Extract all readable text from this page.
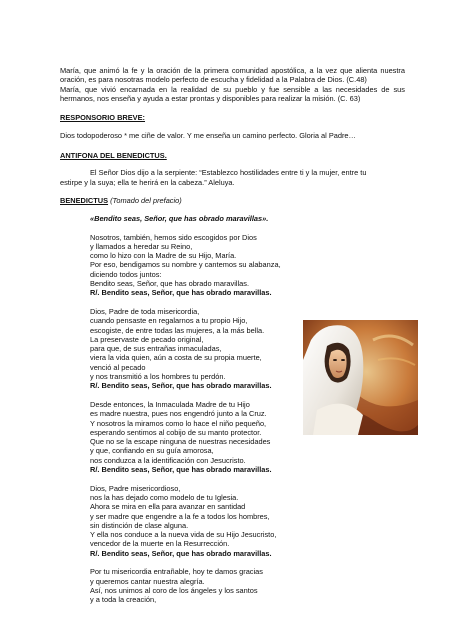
María, que animó la fe y la oración de la primera comunidad apostólica, a la vez que alienta nuestra oración, es para nosotras modelo perfecto de escucha y fidelidad a la Palabra de Dios. (C.48)

María, que vivió encarnada en la realidad de su pueblo y fue sensible a las necesidades de sus hermanos, nos enseña y ayuda a estar prontas y disponibles para realizar la misión. (C. 63)

RESPONSORIO BREVE:
Dios todopoderoso * me ciñe de valor. Y me enseña un camino perfecto. Gloria al Padre…
ANTIFONA DEL BENEDICTUS.
El Señor Dios dijo a la serpiente: “Establezco hostilidades entre ti y la mujer, entre tu
estirpe y la suya; ella te herirá en la cabeza.” Aleluya.
BENEDICTUS (Tomado del prefacio)
«Bendito seas, Señor, que has obrado maravillas».
Nosotros, también, hemos sido escogidos por Dios
y llamados a heredar su Reino,
como lo hizo con la Madre de su Hijo, María.
Por eso, bendigamos su nombre y cantemos su alabanza,
diciendo todos juntos:
Bendito seas, Señor, que has obrado maravillas.
R/. Bendito seas, Señor, que has obrado maravillas.
Dios, Padre de toda misericordia,
cuando pensaste en regalarnos a tu propio Hijo,
escogiste, de entre todas las mujeres, a la más bella.
La preservaste de pecado original,
para que, de sus entrañas inmaculadas,
viera la vida quien, aún a costa de su propia muerte,
venció al pecado
y nos transmitió a los hombres tu perdón.
R/. Bendito seas, Señor, que has obrado maravillas.
Desde entonces, la Inmaculada Madre de tu Hijo
es madre nuestra, pues nos engendró junto a la Cruz.
Y nosotros la miramos como lo hace el niño pequeño,
esperando sentimos al cobijo de su manto protector.
Que no se la escape ninguna de nuestras necesidades
y que, confiando en su guía amorosa,
nos conduzca a la identificación con Jesucristo.
R/. Bendito seas, Señor, que has obrado maravillas.
Dios, Padre misericordioso,
nos la has dejado como modelo de tu Iglesia.
Ahora se mira en ella para avanzar en santidad
y ser madre que engendre a la fe a todos los hombres,
sin distinción de clase alguna.
Y ella nos conduce a la nueva vida de su Hijo Jesucristo,
vencedor de la muerte en la Resurrección.
R/. Bendito seas, Señor, que has obrado maravillas.
Por tu misericordia entrañable, hoy te damos gracias
y queremos cantar nuestra alegría.
Así, nos unimos al coro de los ángeles y los santos
y a toda la creación,
